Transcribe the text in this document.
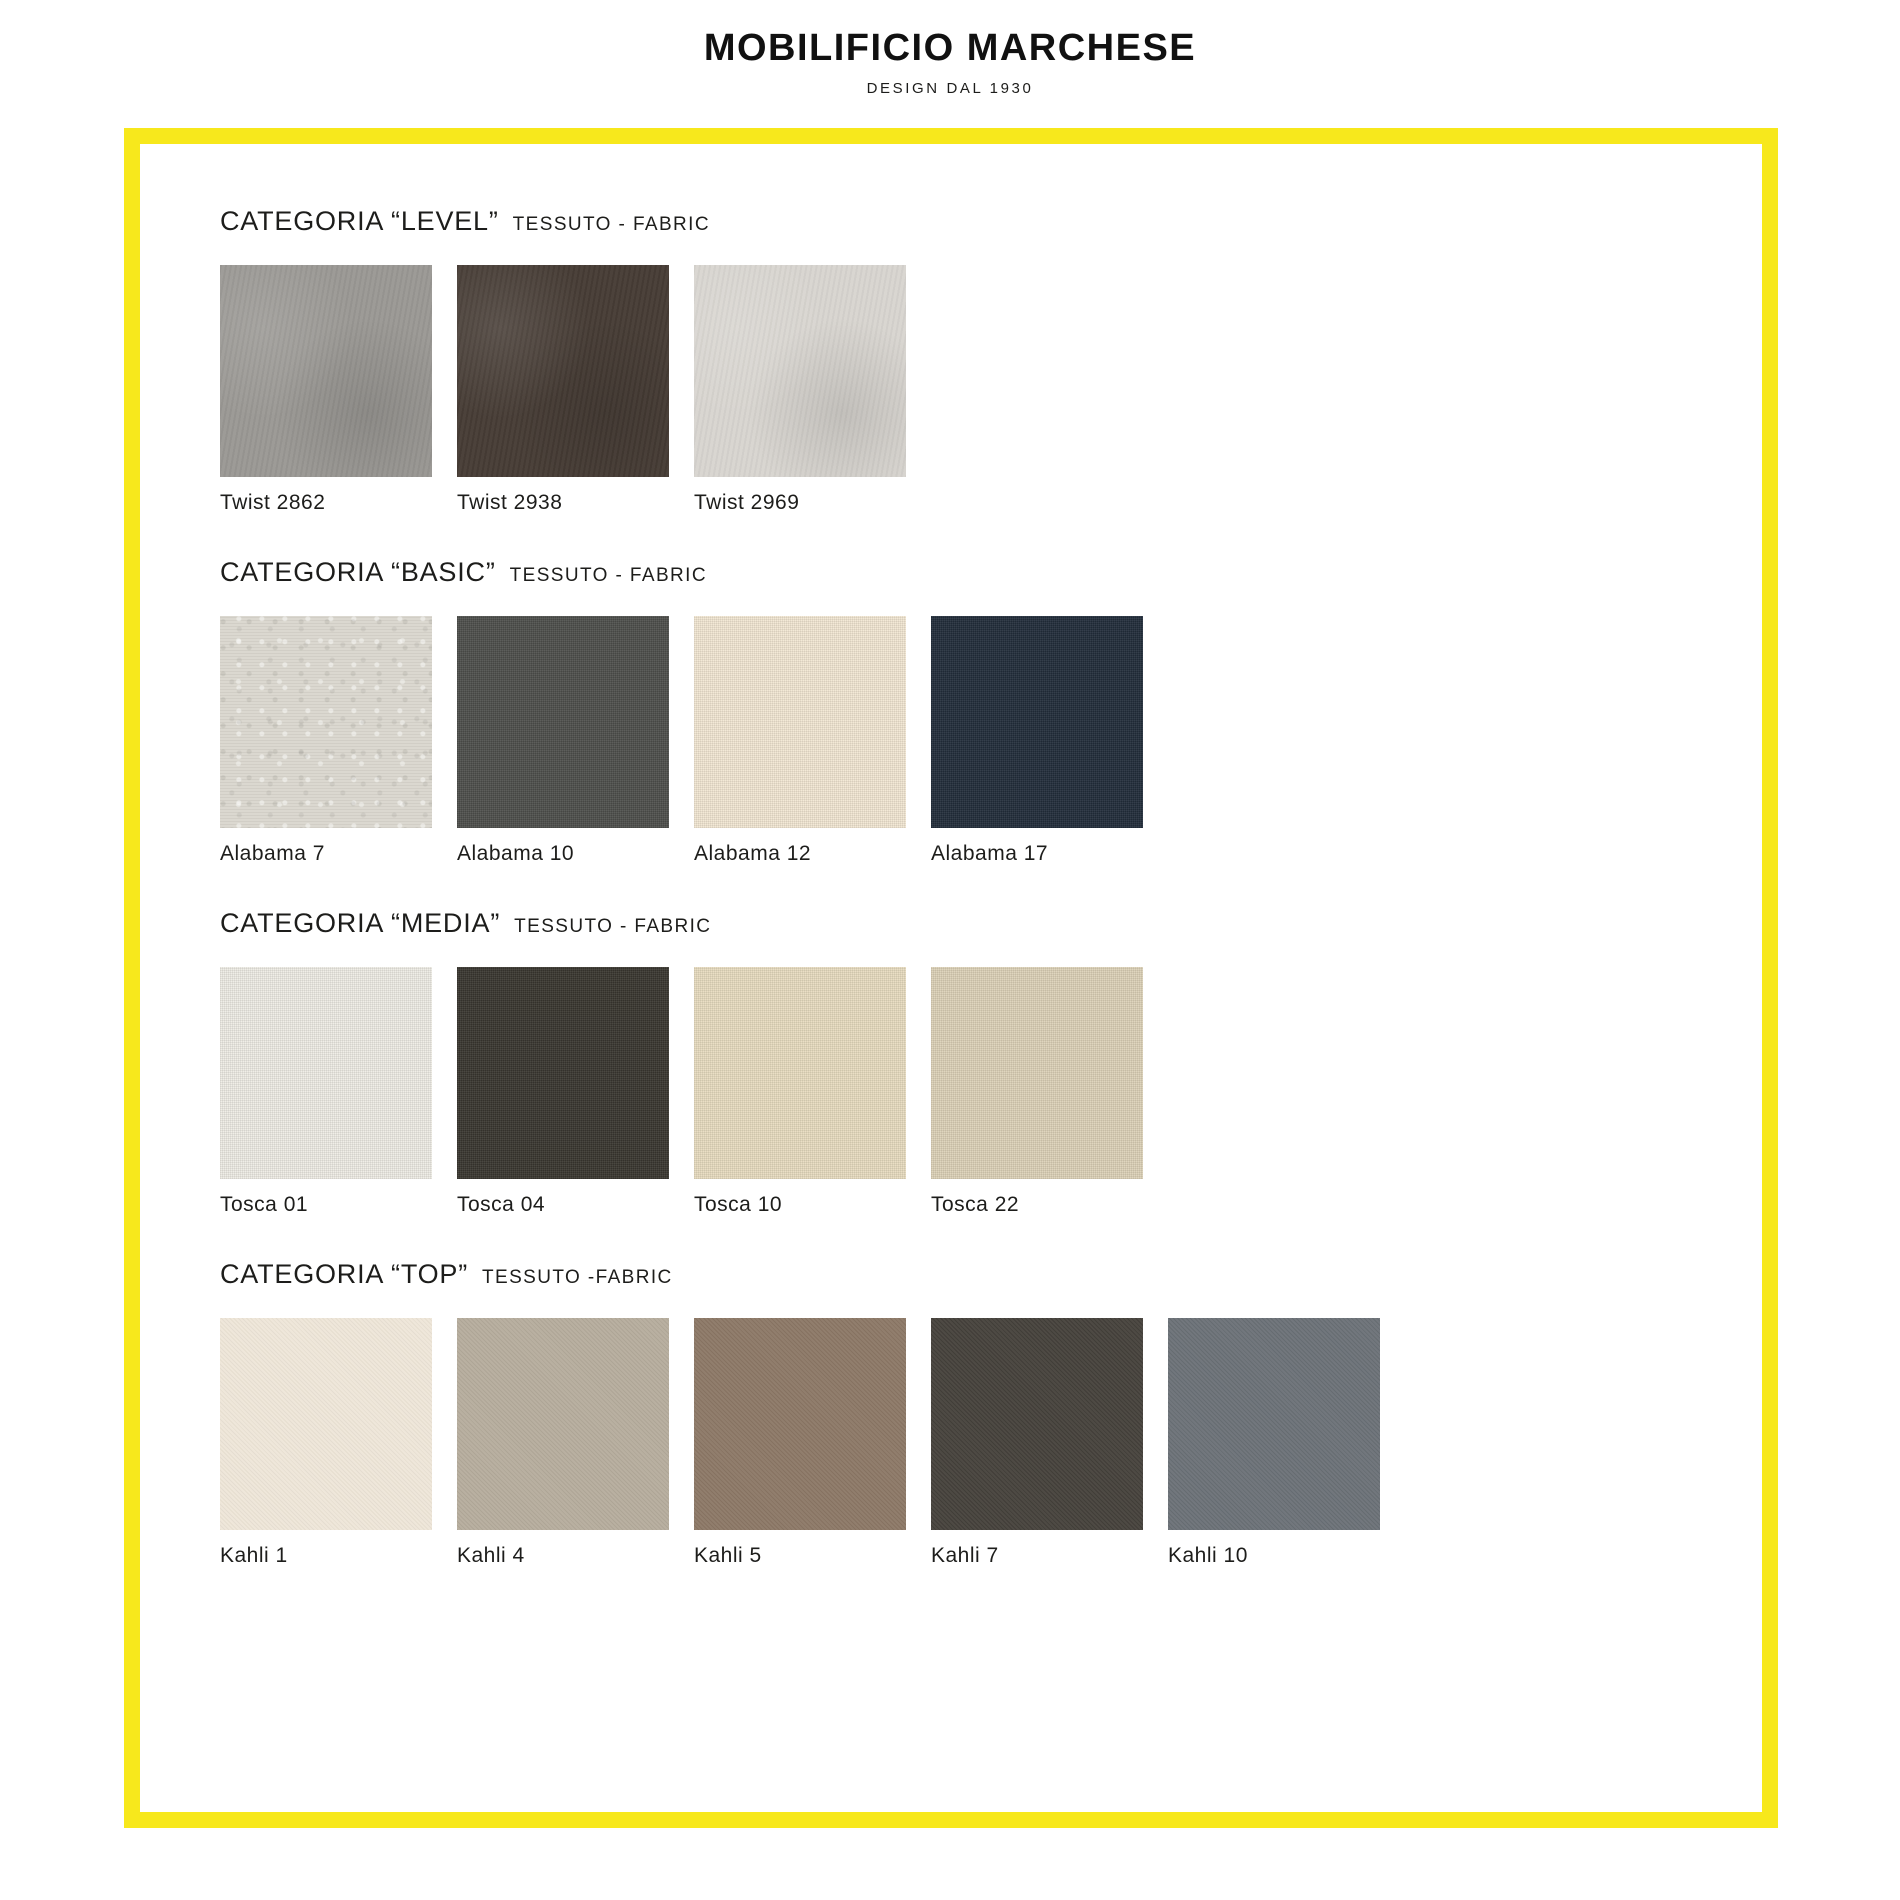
MOBILIFICIO MARCHESE
DESIGN DAL 1930
CATEGORIA “LEVEL” TESSUTO - FABRIC
Twist 2862	Twist 2938	Twist 2969
CATEGORIA “BASIC” TESSUTO - FABRIC
Alabama 7	Alabama 10	Alabama 12	Alabama 17
CATEGORIA “MEDIA” TESSUTO - FABRIC
Tosca 01	Tosca 04	Tosca 10	Tosca 22
CATEGORIA “TOP” TESSUTO -FABRIC
Kahli 1	Kahli 4	Kahli 5	Kahli 7	Kahli 10
